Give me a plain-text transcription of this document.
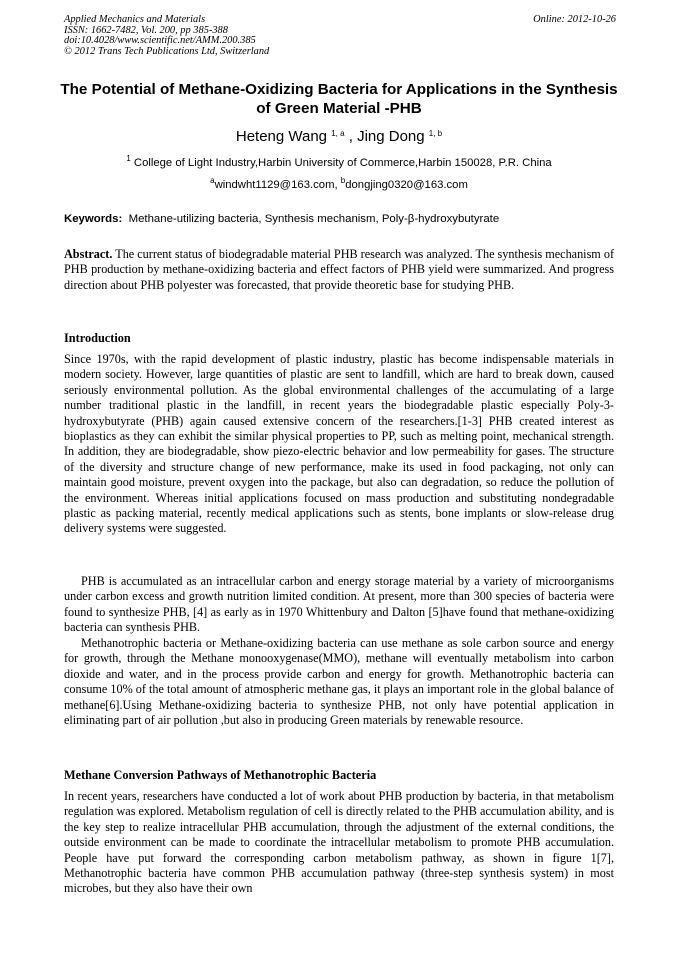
Applied Mechanics and Materials
ISSN: 1662-7482, Vol. 200, pp 385-388
doi:10.4028/www.scientific.net/AMM.200.385
© 2012 Trans Tech Publications Ltd, Switzerland
Online: 2012-10-26
The Potential of Methane-Oxidizing Bacteria for Applications in the Synthesis of Green Material -PHB
Heteng Wang $^{1, a}$ , Jing Dong $^{1, b}$
$^1$ College of Light Industry,Harbin University of Commerce,Harbin 150028, P.R. China
$^a$windwht1129@163.com, $^b$dongjing0320@163.com
Keywords: Methane-utilizing bacteria, Synthesis mechanism, Poly-β-hydroxybutyrate
Abstract. The current status of biodegradable material PHB research was analyzed. The synthesis mechanism of PHB production by methane-oxidizing bacteria and effect factors of PHB yield were summarized. And progress direction about PHB polyester was forecasted, that provide theoretic base for studying PHB.
Introduction
Since 1970s, with the rapid development of plastic industry, plastic has become indispensable materials in modern society. However, large quantities of plastic are sent to landfill, which are hard to break down, caused seriously environmental pollution. As the global environmental challenges of the accumulating of a large number traditional plastic in the landfill, in recent years the biodegradable plastic especially Poly-3-hydroxybutyrate (PHB) again caused extensive concern of the researchers.[1-3] PHB created interest as bioplastics as they can exhibit the similar physical properties to PP, such as melting point, mechanical strength. In addition, they are biodegradable, show piezo-electric behavior and low permeability for gases. The structure of the diversity and structure change of new performance, make its used in food packaging, not only can maintain good moisture, prevent oxygen into the package, but also can degradation, so reduce the pollution of the environment. Whereas initial applications focused on mass production and substituting nondegradable plastic as packing material, recently medical applications such as stents, bone implants or slow-release drug delivery systems were suggested.
PHB is accumulated as an intracellular carbon and energy storage material by a variety of microorganisms under carbon excess and growth nutrition limited condition. At present, more than 300 species of bacteria were found to synthesize PHB, [4] as early as in 1970 Whittenbury and Dalton [5]have found that methane-oxidizing bacteria can synthesis PHB.
Methanotrophic bacteria or Methane-oxidizing bacteria can use methane as sole carbon source and energy for growth, through the Methane monooxygenase(MMO), methane will eventually metabolism into carbon dioxide and water, and in the process provide carbon and energy for growth. Methanotrophic bacteria can consume 10% of the total amount of atmospheric methane gas, it plays an important role in the global balance of methane[6].Using Methane-oxidizing bacteria to synthesize PHB, not only have potential application in eliminating part of air pollution ,but also in producing Green materials by renewable resource.
Methane Conversion Pathways of Methanotrophic Bacteria
In recent years, researchers have conducted a lot of work about PHB production by bacteria, in that metabolism regulation was explored. Metabolism regulation of cell is directly related to the PHB accumulation ability, and is the key step to realize intracellular PHB accumulation, through the adjustment of the external conditions, the outside environment can be made to coordinate the intracellular metabolism to promote PHB accumulation. People have put forward the corresponding carbon metabolism pathway, as shown in figure 1[7], Methanotrophic bacteria have common PHB accumulation pathway (three-step synthesis system) in most microbes, but they also have their own
